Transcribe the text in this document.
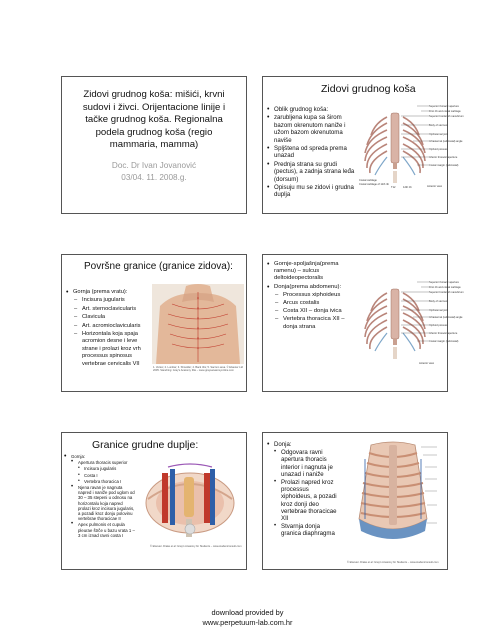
Zidovi grudnog koša: mišići, krvni
sudovi i živci. Orijentacione linije i
tačke grudnog koša. Regionalna
podela grudnog koša (regio
mammaria, mamma)
Doc. Dr Ivan Jovanović
03/04. 11. 2008.g.
Zidovi grudnog koša
• Oblik grudnog koša:
• zarubljena kupa sa širom bazom okrenutom naniže i užom bazom okrenutoma naviše
• Spljštena od spreda prema unazad
• Prednja strana su grudi (pectus), a zadnja strana leđa (dorsum)
• Opisuju mu se zidovi i grudna duplja
Superior thoracic aperture
First rib and costal cartilage
Superior border of manubrium
Body of sternum
Xiphisternal joint
Infrasternal (subcostal) angle
Xiphoid process
Inferior thoracic aperture
Costal margin (subcostal)
Costal cartilage
T12	Anterior view
Costal cartilage of 11th rib
12th rib
Površne granice (granice zidova):
• Gornja (prema vratu):
– Incisura jugularis
– Art. sternoclavicularis
– Clavicula
– Art. acromioclavicularis
– Horizontala koja spaja acromion desne i leve strane i prolazi kroz vrh processus spinosus vertebrae cervicalis VII
1. Vertex; 2. Lumbar; 3. Shoulder; 4. Back ribs; 5. Sacrum area. © Elsevier Ltd 2005. Standring: Gray's Anatomy 39e – www.graysanatomyonline.com
• Gornje-spoljašnja(prema ramenu) – sulcus deltoideopectoralis
• Donja(prema abdomenu):
– Processus xiphoideus
– Arcus costalis
– Costa XII – donja ivica
– Vertebra thoracica XII – donja strana
Superior thoracic aperture
First rib and costal cartilage
Superior border of manubrium
Body of sternum
Xiphisternal joint
Infrasternal (subcostal) angle
Xiphoid process
Inferior thoracic aperture
Costal margin (subcostal)
Anterior view
Granice grudne duplje:
• Gornja:
• Apertura thoracis superior
• Incisura jugularis
• Costa I
• Vertebra thoracica I
• Njena ravan je nagnuta napred i naniže pod uglom od 30 – 35 stepeni u odnosu na horizontalu koja napred prolazi kroz incisura jugularis, a pozadi kroz donju polovinu vertebrae thoracicae II
• Apex pulmonis et cupula pleurae štrče u bazu vrata 1 – 3 cm iznad ravni costa I
© Elsevier. Drake et al: Gray's Anatomy for Students – www.studentconsult.com
• Donja:
• Odgovara ravni apertura thoracis interior i nagnuta je unazad i naniže
• Prolazi napred kroz processus xiphoideus, a pozadi kroz donji deo vertebrae thoracicae XII
• Stvarnja donja granica diaphragma
© Elsevier. Drake et al: Gray's Anatomy for Students – www.studentconsult.com
download provided by
www.perpetuum-lab.com.hr
